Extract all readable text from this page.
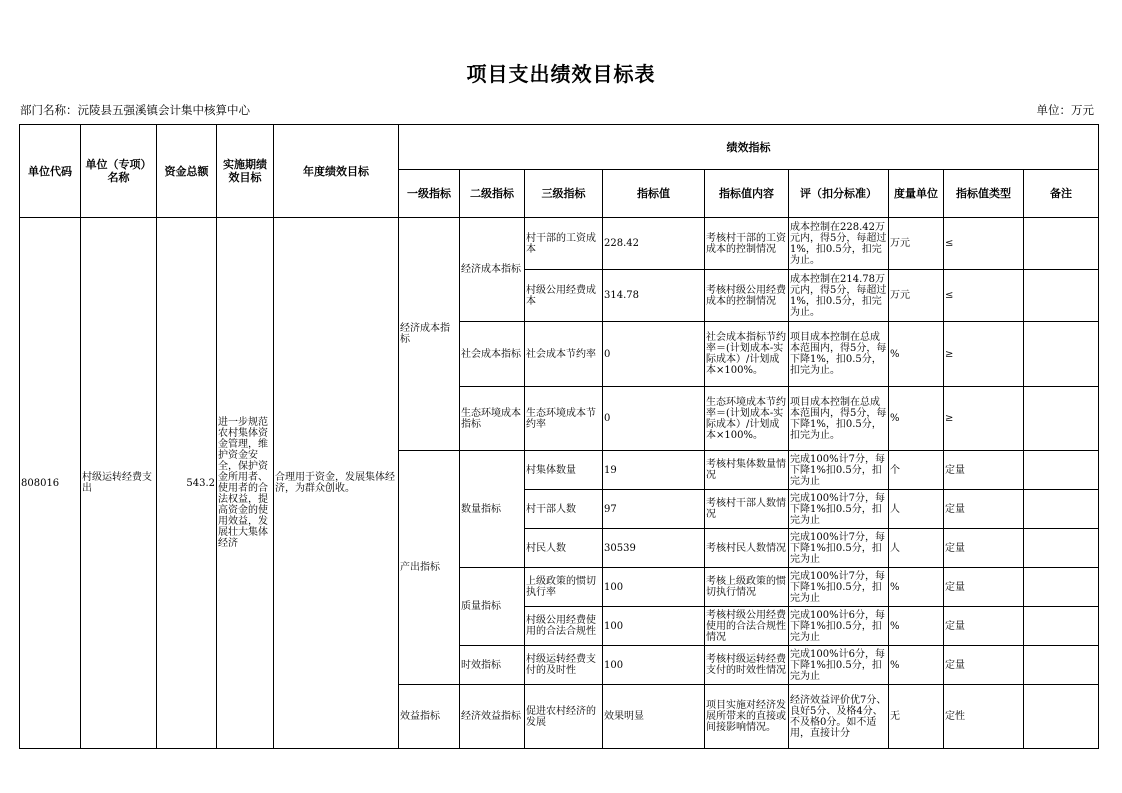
项目支出绩效目标表
部门名称：沅陵县五强溪镇会计集中核算中心	单位：万元
单位代码	单位（专项）名称	资金总额	实施期绩效目标	年度绩效目标	绩效指标								
					一级指标	二级指标	三级指标	指标值	指标值内容	评（扣分标准）	度量单位	指标值类型	备注
808016	村级运转经费支出	543.2	进一步规范农村集体资金管理，维护资金安全，保护资金所用者、使用者的合法权益，提高资金的使用效益，发展壮大集体经济	合理用于资金，发展集体经济，为群众创收。	经济成本指标	经济成本指标	村干部的工资成本	228.42	考核村干部的工资成本的控制情况	成本控制在228.42万元内，得5分，每超过1%，扣0.5分，扣完为止。	万元	≤	
							村级公用经费成本	314.78	考核村级公用经费成本的控制情况	成本控制在214.78万元内，得5分，每超过1%，扣0.5分，扣完为止。	万元	≤	
						社会成本指标	社会成本节约率	0	社会成本指标节约率＝(计划成本-实际成本）/计划成本×100%。	项目成本控制在总成本范围内，得5分，每下降1%，扣0.5分，扣完为止。	%	≥	
						生态环境成本指标	生态环境成本节约率	0	生态环境成本节约率＝(计划成本-实际成本）/计划成本×100%。	项目成本控制在总成本范围内，得5分，每下降1%，扣0.5分，扣完为止。	%	≥	
					产出指标	数量指标	村集体数量	19	考核村集体数量情况	完成100%计7分，每下降1%扣0.5分，扣完为止	个	定量	
							村干部人数	97	考核村干部人数情况	完成100%计7分，每下降1%扣0.5分，扣完为止	人	定量	
							村民人数	30539	考核村民人数情况	完成100%计7分，每下降1%扣0.5分，扣完为止	人	定量	
						质量指标	上级政策的惯切执行率	100	考核上级政策的惯切执行情况	完成100%计7分，每下降1%扣0.5分，扣完为止	%	定量	
							村级公用经费使用的合法合规性	100	考核村级公用经费使用的合法合规性情况	完成100%计6分，每下降1%扣0.5分，扣完为止	%	定量	
						时效指标	村级运转经费支付的及时性	100	考核村级运转经费支付的时效性情况	完成100%计6分，每下降1%扣0.5分，扣完为止	%	定量	
					效益指标	经济效益指标	促进农村经济的发展	效果明显	项目实施对经济发展所带来的直接或间接影响情况。	经济效益评价优7分、良好5分、及格4分、不及格0分。如不适用，直接计分	无	定性	
